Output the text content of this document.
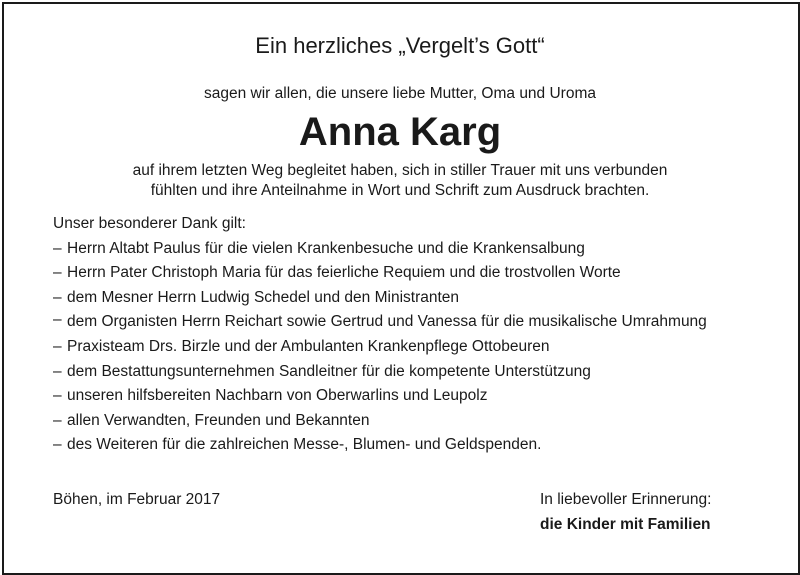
Ein herzliches „Vergelt’s Gott“
sagen wir allen, die unsere liebe Mutter, Oma und Uroma
Anna Karg
auf ihrem letzten Weg begleitet haben, sich in stiller Trauer mit uns verbunden
fühlten und ihre Anteilnahme in Wort und Schrift zum Ausdruck brachten.
Unser besonderer Dank gilt:
– Herrn Altabt Paulus für die vielen Krankenbesuche und die Krankensalbung
– Herrn Pater Christoph Maria für das feierliche Requiem und die trostvollen Worte
– dem Mesner Herrn Ludwig Schedel und den Ministranten
– dem Organisten Herrn Reichart sowie Gertrud und Vanessa für die musikalische Umrahmung
– Praxisteam Drs. Birzle und der Ambulanten Krankenpflege Ottobeuren
– dem Bestattungsunternehmen Sandleitner für die kompetente Unterstützung
– unseren hilfsbereiten Nachbarn von Oberwarlins und Leupolz
– allen Verwandten, Freunden und Bekannten
– des Weiteren für die zahlreichen Messe-, Blumen- und Geldspenden.
Böhen, im Februar 2017	In liebevoller Erinnerung:
die Kinder mit Familien
